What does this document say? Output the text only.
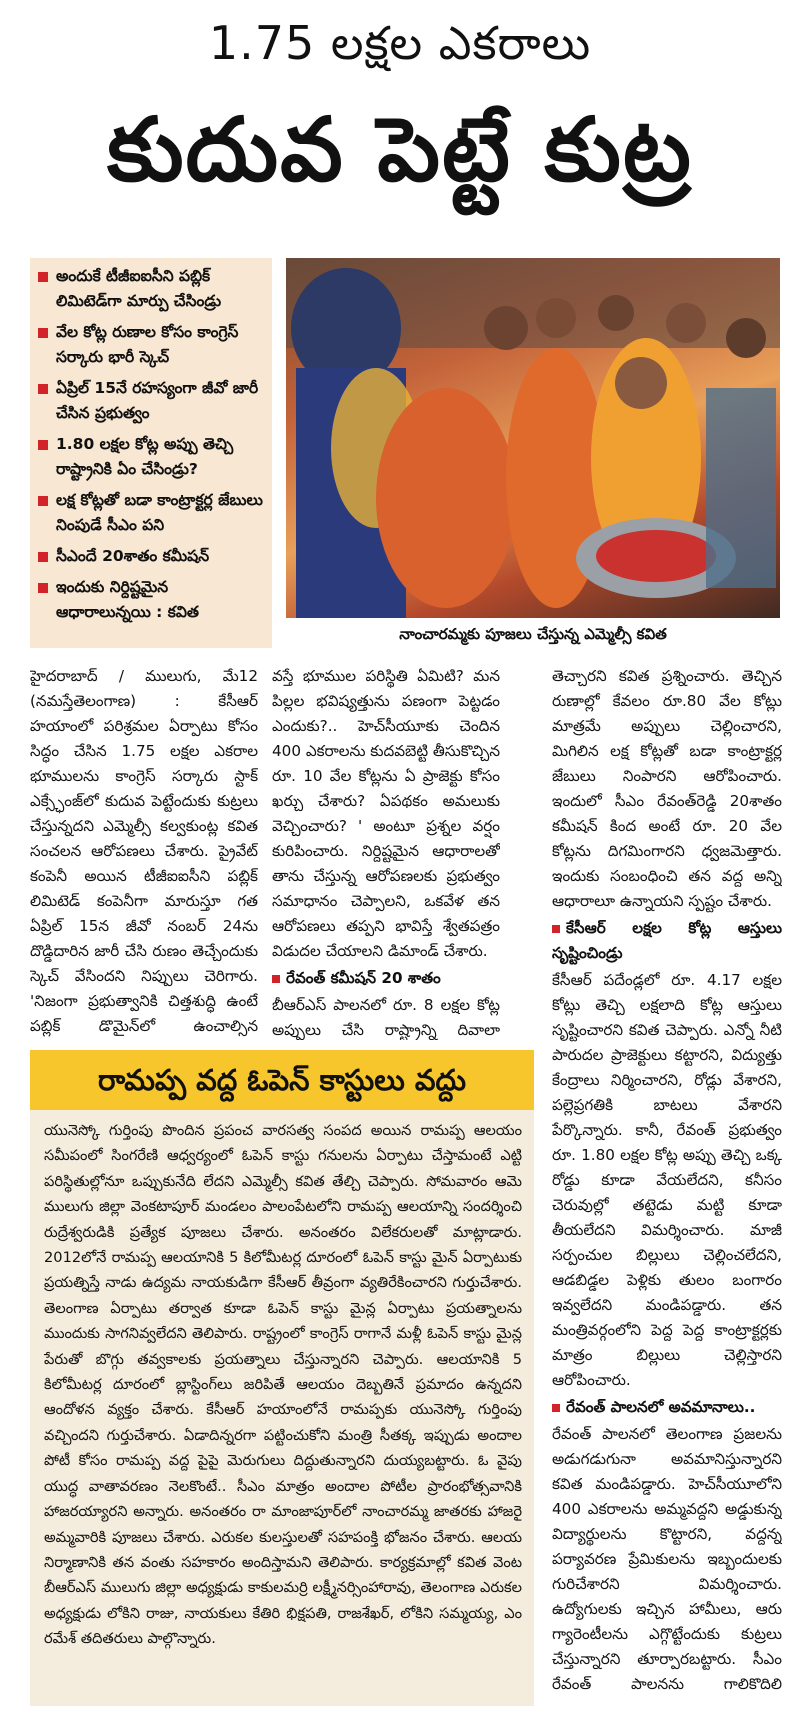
1.75 లక్షల ఎకరాలు
కుదువ పెట్టే కుట్ర
అందుకే టీజీఐఐసీని పబ్లిక్ లిమిటెడ్‌గా మార్పు చేసిండ్రు
వేల కోట్ల రుణాల కోసం కాంగ్రెస్ సర్కారు భారీ స్కెచ్
ఏప్రిల్ 15నే రహస్యంగా జీవో జారీ చేసిన ప్రభుత్వం
1.80 లక్షల కోట్ల అప్పు తెచ్చి రాష్ట్రానికి ఏం చేసిండ్రు?
లక్ష కోట్లతో బడా కాంట్రాక్టర్ల జేబులు నింపుడే సీఎం పని
సీఎందే 20శాతం కమీషన్
ఇందుకు నిర్దిష్టమైన ఆధారాలున్నయి : కవిత
నాంచారమ్మకు పూజలు చేస్తున్న ఎమ్మెల్సీ కవిత

హైదరాబాద్ / ములుగు, మే12 (నమస్తేతెలంగాణ) : కేసీఆర్ హయాంలో పరిశ్రమల ఏర్పాటు కోసం సిద్ధం చేసిన 1.75 లక్షల ఎకరాల భూములను కాంగ్రెస్ సర్కారు స్టాక్ ఎక్స్ఛేంజ్‌లో కుదువ పెట్టేందుకు కుట్రలు చేస్తున్నదని ఎమ్మెల్సీ కల్వకుంట్ల కవిత సంచలన ఆరోపణలు చేశారు. ప్రైవేట్ కంపెనీ అయిన టీజీఐఐసీని పబ్లిక్ లిమిటెడ్ కంపెనీగా మారుస్తూ గత ఏప్రిల్ 15న జీవో నంబర్ 24ను దొడ్డిదారిన జారీ చేసి రుణం తెచ్చేందుకు స్కెచ్ వేసిందని నిప్పులు చెరిగారు. 'నిజంగా ప్రభుత్వానికి చిత్తశుద్ధి ఉంటే పబ్లిక్ డొమైన్‌లో ఉంచాల్సిన

వస్తే భూముల పరిస్థితి ఏమిటి? మన పిల్లల భవిష్యత్తును పణంగా పెట్టడం ఎందుకు?.. హెచ్‌సీయూకు చెందిన 400 ఎకరాలను కుదవబెట్టి తీసుకొచ్చిన రూ. 10 వేల కోట్లను ఏ ప్రాజెక్టు కోసం ఖర్చు చేశారు? ఏపథకం అమలుకు వెచ్చించారు? ' అంటూ ప్రశ్నల వర్షం కురిపించారు. నిర్దిష్టమైన ఆధారాలతో తాను చేస్తున్న ఆరోపణలకు ప్రభుత్వం సమాధానం చెప్పాలని, ఒకవేళ తన ఆరోపణలు తప్పని భావిస్తే శ్వేతపత్రం విడుదల చేయాలని డిమాండ్ చేశారు.

రేవంత్ కమీషన్ 20 శాతం

బీఆర్ఎస్ పాలనలో రూ. 8 లక్షల కోట్ల అప్పులు చేసి రాష్ట్రాన్ని దివాలా

తెచ్చారని కవిత ప్రశ్నించారు. తెచ్చిన రుణాల్లో కేవలం రూ.80 వేల కోట్లు మాత్రమే అప్పులు చెల్లించారని, మిగిలిన లక్ష కోట్లతో బడా కాంట్రాక్టర్ల జేబులు నింపారని ఆరోపించారు. ఇందులో సీఎం రేవంత్‌రెడ్డి 20శాతం కమీషన్ కింద అంటే రూ. 20 వేల కోట్లను దిగమింగారని ధ్వజమెత్తారు. ఇందుకు సంబంధించి తన వద్ద అన్ని ఆధారాలూ ఉన్నాయని స్పష్టం చేశారు.

కేసీఆర్ లక్షల కోట్ల ఆస్తులు సృష్టించిండ్రు

కేసీఆర్ పదేండ్లలో రూ. 4.17 లక్షల కోట్లు తెచ్చి లక్షలాది కోట్ల ఆస్తులు సృష్టించారని కవిత చెప్పారు. ఎన్నో నీటి పారుదల ప్రాజెక్టులు కట్టారని, విద్యుత్తు కేంద్రాలు నిర్మించారని, రోడ్లు వేశారని, పల్లెప్రగతికి బాటలు వేశారని పేర్కొన్నారు. కానీ, రేవంత్ ప్రభుత్వం రూ. 1.80 లక్షల కోట్ల అప్పు తెచ్చి ఒక్క రోడ్డు కూడా వేయలేదని, కనీసం చెరువుల్లో తట్టెడు మట్టి కూడా తీయలేదని విమర్శించారు. మాజీ సర్పంచుల బిల్లులు చెల్లించలేదని, ఆడబిడ్డల పెళ్లికు తులం బంగారం ఇవ్వలేదని మండిపడ్డారు. తన మంత్రివర్గంలోని పెద్ద పెద్ద కాంట్రాక్టర్లకు మాత్రం బిల్లులు చెల్లిస్తారని ఆరోపించారు.

రేవంత్ పాలనలో అవమానాలు..

రేవంత్ పాలనలో తెలంగాణ ప్రజలను అడుగడుగునా అవమానిస్తున్నారని కవిత మండిపడ్డారు. హెచ్‌సీయూలోని 400 ఎకరాలను అమ్మవద్దని అడ్డుకున్న విద్యార్థులను కొట్టారని, వద్దన్న పర్యావరణ ప్రేమికులను ఇబ్బందులకు గురిచేశారని విమర్శించారు. ఉద్యోగులకు ఇచ్చిన హామీలు, ఆరు గ్యారెంటీలను ఎగ్గొట్టేందుకు కుట్రలు చేస్తున్నారని తూర్పారబట్టారు. సీఎం రేవంత్ పాలనను గాలికొదిలి

రామప్ప వద్ద ఓపెన్ కాస్టులు వద్దు
యునెస్కో గుర్తింపు పొందిన ప్రపంచ వారసత్వ సంపద అయిన రామప్ప ఆలయం సమీపంలో సింగరేణి ఆధ్వర్యంలో ఓపెన్ కాస్టు గనులను ఏర్పాటు చేస్తామంటే ఎట్టి పరిస్థితుల్లోనూ ఒప్పుకునేది లేదని ఎమ్మెల్సీ కవిత తేల్చి చెప్పారు. సోమవారం ఆమె ములుగు జిల్లా వెంకటాపూర్ మండలం పాలంపేటలోని రామప్ప ఆలయాన్ని సందర్శించి రుద్రేశ్వరుడికి ప్రత్యేక పూజలు చేశారు. అనంతరం విలేకరులతో మాట్లాడారు. 2012లోనే రామప్ప ఆలయానికి 5 కిలోమీటర్ల దూరంలో ఓపెన్ కాస్టు మైన్ ఏర్పాటుకు ప్రయత్నిస్తే నాడు ఉద్యమ నాయకుడిగా కేసీఆర్ తీవ్రంగా వ్యతిరేకించారని గుర్తుచేశారు. తెలంగాణ ఏర్పాటు తర్వాత కూడా ఓపెన్ కాస్టు మైన్ల ఏర్పాటు ప్రయత్నాలను ముందుకు సాగనివ్వలేదని తెలిపారు. రాష్ట్రంలో కాంగ్రెస్ రాగానే మళ్లీ ఓపెన్ కాస్టు మైన్ల పేరుతో బొగ్గు తవ్వకాలకు ప్రయత్నాలు చేస్తున్నారని చెప్పారు. ఆలయానికి 5 కిలోమీటర్ల దూరంలో బ్లాస్టింగ్‌లు జరిపితే ఆలయం దెబ్బతినే ప్రమాదం ఉన్నదని ఆందోళన వ్యక్తం చేశారు. కేసీఆర్ హయాంలోనే రామప్పకు యునెస్కో గుర్తింపు వచ్చిందని గుర్తుచేశారు. ఏడాదిన్నరగా పట్టించుకోని మంత్రి సీతక్క ఇప్పుడు అందాల పోటీ కోసం రామప్ప వద్ద పైపై మెరుగులు దిద్దుతున్నారని దుయ్యబట్టారు. ఓ వైపు యుద్ధ వాతావరణం నెలకొంటే.. సీఎం మాత్రం అందాల పోటీల ప్రారంభోత్సవానికి హాజరయ్యారని అన్నారు. అనంతరం రా మాంజాపూర్‌లో నాంచారమ్మ జాతరకు హాజరై అమ్మవారికి పూజలు చేశారు. ఎరుకల కులస్తులతో సహపంక్తి భోజనం చేశారు. ఆలయ నిర్మాణానికి తన వంతు సహకారం అందిస్తామని తెలిపారు. కార్యక్రమాల్లో కవిత వెంట బీఆర్ఎస్ ములుగు జిల్లా అధ్యక్షుడు కాకులమర్రి లక్ష్మీనర్సింహారావు, తెలంగాణ ఎరుకల అధ్యక్షుడు లోకిని రాజు, నాయకులు కేతిరి భిక్షపతి, రాజశేఖర్, లోకిని సమ్మయ్య, ఎం రమేశ్ తదితరులు పాల్గొన్నారు.
